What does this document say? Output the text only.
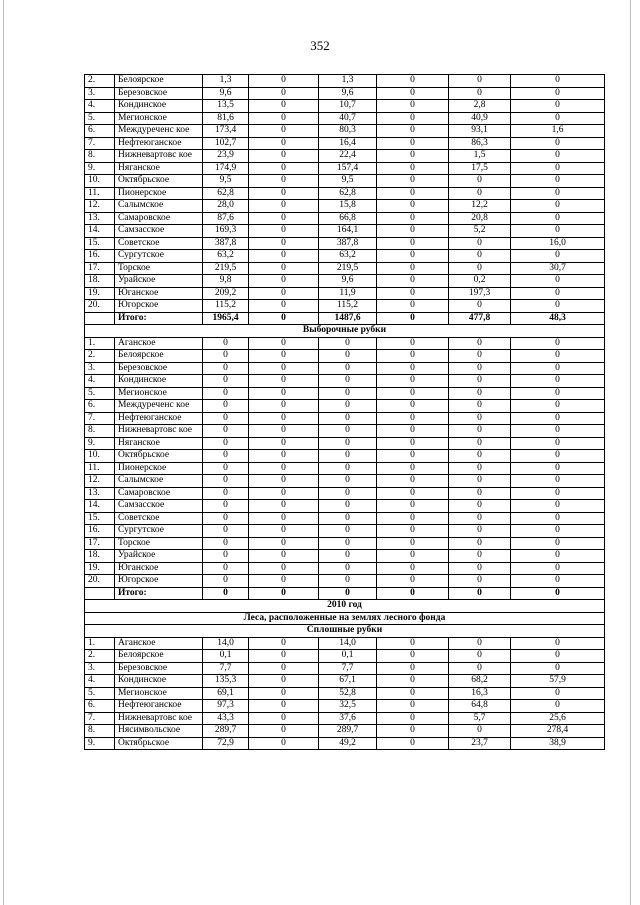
352
2.	Белоярское	1,3	0	1,3	0	0	0
3.	Березовское	9,6	0	9,6	0	0	0
4.	Кондинское	13,5	0	10,7	0	2,8	0
5.	Мегионское	81,6	0	40,7	0	40,9	0
6.	Междуреченс кое	173,4	0	80,3	0	93,1	1,6
7.	Нефтеюганское	102,7	0	16,4	0	86,3	0
8.	Нижневартовс кое	23,9	0	22,4	0	1,5	0
9.	Няганское	174,9	0	157,4	0	17,5	0
10.	Октябрьское	9,5	0	9,5	0	0	0
11.	Пионерское	62,8	0	62,8	0	0	0
12.	Салымское	28,0	0	15,8	0	12,2	0
13.	Самаровское	87,6	0	66,8	0	20,8	0
14.	Самзасское	169,3	0	164,1	0	5,2	0
15.	Советское	387,8	0	387,8	0	0	16,0
16.	Сургутское	63,2	0	63,2	0	0	0
17.	Торское	219,5	0	219,5	0	0	30,7
18.	Урайское	9,8	0	9,6	0	0,2	0
19.	Юганское	209,2	0	11,9	0	197,3	0
20.	Югорское	115,2	0	115,2	0	0	0
	Итого:	1965,4	0	1487,6	0	477,8	48,3
Выборочные рубки							
1.	Аганское	0	0	0	0	0	0
2.	Белоярское	0	0	0	0	0	0
3.	Березовское	0	0	0	0	0	0
4.	Кондинское	0	0	0	0	0	0
5.	Мегионское	0	0	0	0	0	0
6.	Междуреченс кое	0	0	0	0	0	0
7.	Нефтеюганское	0	0	0	0	0	0
8.	Нижневартовс кое	0	0	0	0	0	0
9.	Няганское	0	0	0	0	0	0
10.	Октябрьское	0	0	0	0	0	0
11.	Пионерское	0	0	0	0	0	0
12.	Салымское	0	0	0	0	0	0
13.	Самаровское	0	0	0	0	0	0
14.	Самзасское	0	0	0	0	0	0
15.	Советское	0	0	0	0	0	0
16.	Сургутское	0	0	0	0	0	0
17.	Торское	0	0	0	0	0	0
18.	Урайское	0	0	0	0	0	0
19.	Юганское	0	0	0	0	0	0
20.	Югорское	0	0	0	0	0	0
	Итого:	0	0	0	0	0	0
2010 год							
Леса, расположенные на землях лесного фонда							
Сплошные рубки							
1.	Аганское	14,0	0	14,0	0	0	0
2.	Белоярское	0,1	0	0,1	0	0	0
3.	Березовское	7,7	0	7,7	0	0	0
4.	Кондинское	135,3	0	67,1	0	68,2	57,9
5.	Мегионское	69,1	0	52,8	0	16,3	0
6.	Нефтеюганское	97,3	0	32,5	0	64,8	0
7.	Нижневартовс кое	43,3	0	37,6	0	5,7	25,6
8.	Нясимвольское	289,7	0	289,7	0	0	278,4
9.	Октябрьское	72,9	0	49,2	0	23,7	38,9
